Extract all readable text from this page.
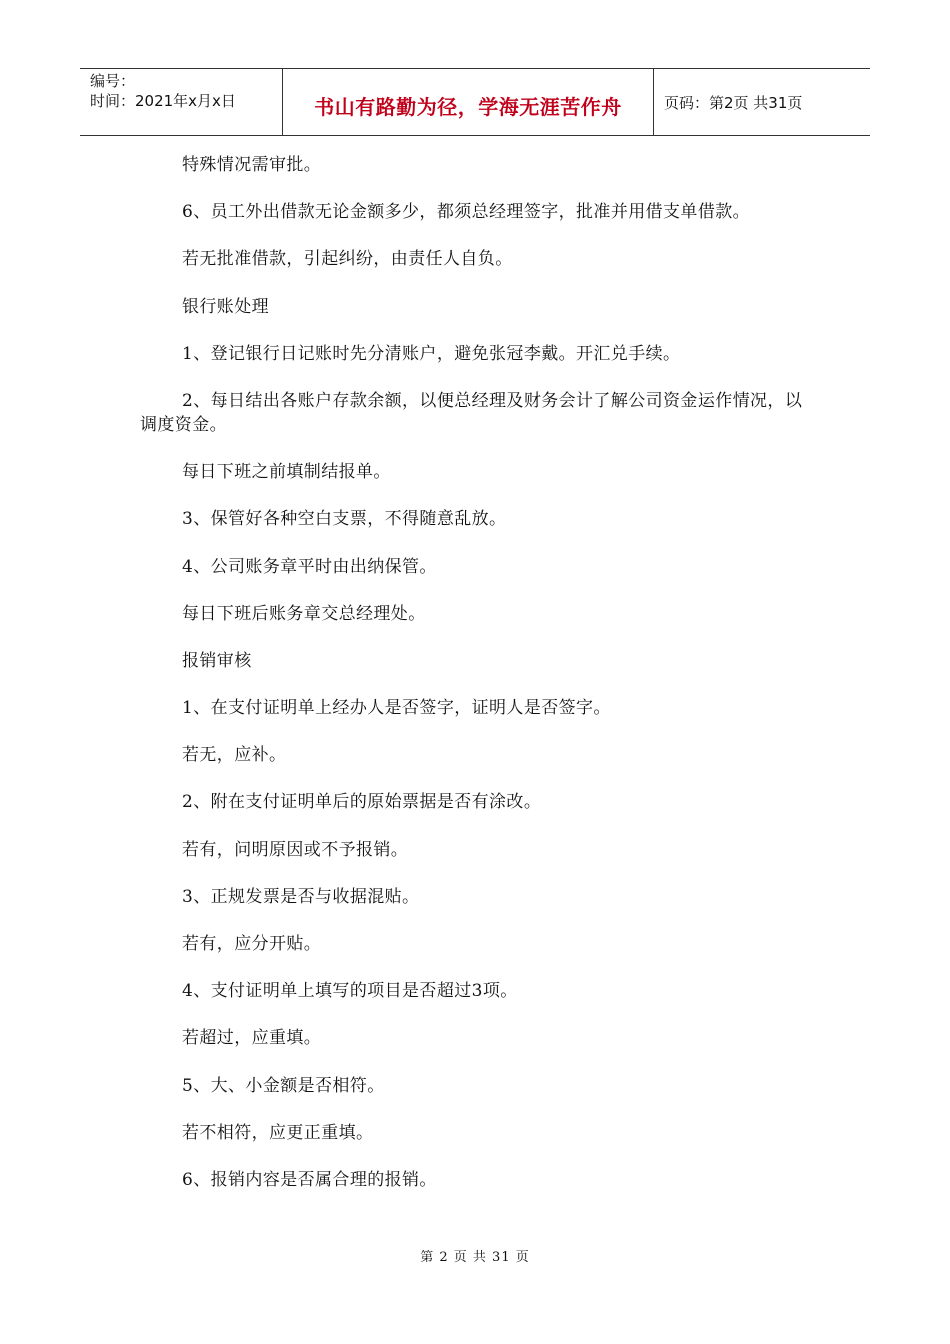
编号：
时间：2021年x月x日	书山有路勤为径，学海无涯苦作舟	页码：第2页 共31页

特殊情况需审批。

6、员工外出借款无论金额多少，都须总经理签字，批准并用借支单借款。

若无批准借款，引起纠纷，由责任人自负。

银行账处理

1、登记银行日记账时先分清账户，避免张冠李戴。开汇兑手续。

2、每日结出各账户存款余额，以便总经理及财务会计了解公司资金运作情况，以调度资金。

每日下班之前填制结报单。

3、保管好各种空白支票，不得随意乱放。

4、公司账务章平时由出纳保管。

每日下班后账务章交总经理处。

报销审核

1、在支付证明单上经办人是否签字，证明人是否签字。

若无，应补。

2、附在支付证明单后的原始票据是否有涂改。

若有，问明原因或不予报销。

3、正规发票是否与收据混贴。

若有，应分开贴。

4、支付证明单上填写的项目是否超过3项。

若超过，应重填。

5、大、小金额是否相符。

若不相符，应更正重填。

6、报销内容是否属合理的报销。

第 2 页 共 31 页
